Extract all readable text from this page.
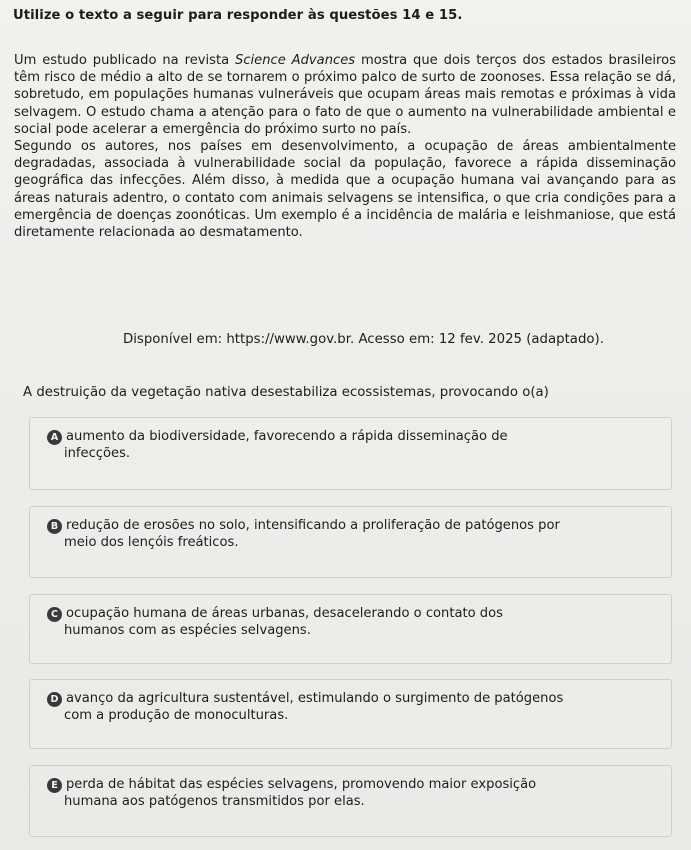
Utilize o texto a seguir para responder às questões 14 e 15.

Um estudo publicado na revista Science Advances mostra que dois terços dos estados brasileiros têm risco de médio a alto de se tornarem o próximo palco de surto de zoonoses. Essa relação se dá, sobretudo, em populações humanas vulneráveis que ocupam áreas mais remotas e próximas à vida selvagem. O estudo chama a atenção para o fato de que o aumento na vulnerabilidade ambiental e social pode acelerar a emergência do próximo surto no país.

Segundo os autores, nos países em desenvolvimento, a ocupação de áreas ambientalmente degradadas, associada à vulnerabilidade social da população, favorece a rápida disseminação geográfica das infecções. Além disso, à medida que a ocupação humana vai avançando para as áreas naturais adentro, o contato com animais selvagens se intensifica, o que cria condições para a emergência de doenças zoonóticas. Um exemplo é a incidência de malária e leishmaniose, que está diretamente relacionada ao desmatamento.

Disponível em: https://www.gov.br. Acesso em: 12 fev. 2025 (adaptado).
A destruição da vegetação nativa desestabiliza ecossistemas, provocando o(a)
A aumento da biodiversidade, favorecendo a rápida disseminação de
infecções.
B redução de erosões no solo, intensificando a proliferação de patógenos por
meio dos lençóis freáticos.
C ocupação humana de áreas urbanas, desacelerando o contato dos
humanos com as espécies selvagens.
D avanço da agricultura sustentável, estimulando o surgimento de patógenos
com a produção de monoculturas.
E perda de hábitat das espécies selvagens, promovendo maior exposição
humana aos patógenos transmitidos por elas.
